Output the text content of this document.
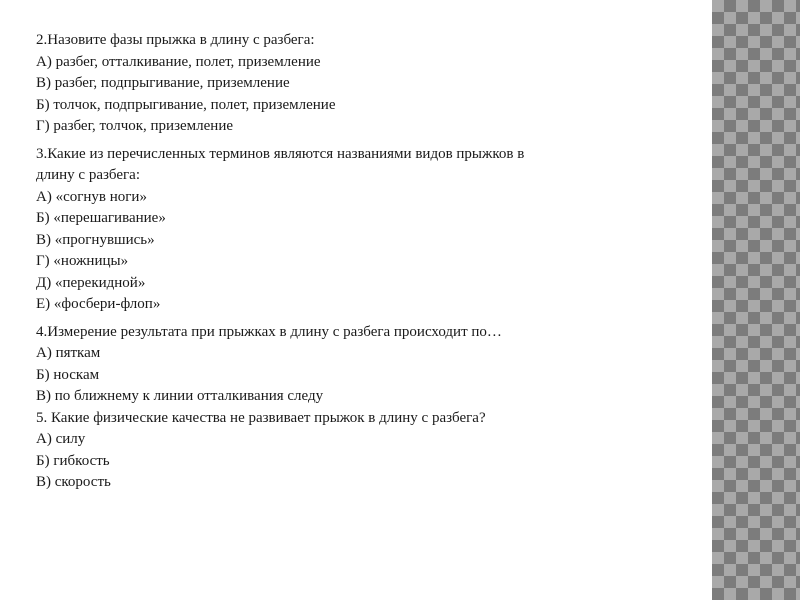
2.Назовите фазы прыжка в длину с разбега:
А) разбег, отталкивание, полет, приземление
В) разбег, подпрыгивание, приземление
Б) толчок, подпрыгивание, полет, приземление
Г) разбег, толчок, приземление
3.Какие из перечисленных терминов являются названиями видов прыжков в
длину с разбега:
А) «согнув ноги»
Б) «перешагивание»
В) «прогнувшись»
Г) «ножницы»
Д) «перекидной»
Е) «фосбери-флоп»
4.Измерение результата при прыжках в длину с разбега происходит по…
А) пяткам
Б) носкам
В) по ближнему к линии отталкивания следу
5. Какие физические качества не развивает прыжок в длину с разбега?
А) силу
Б) гибкость
В) скорость
